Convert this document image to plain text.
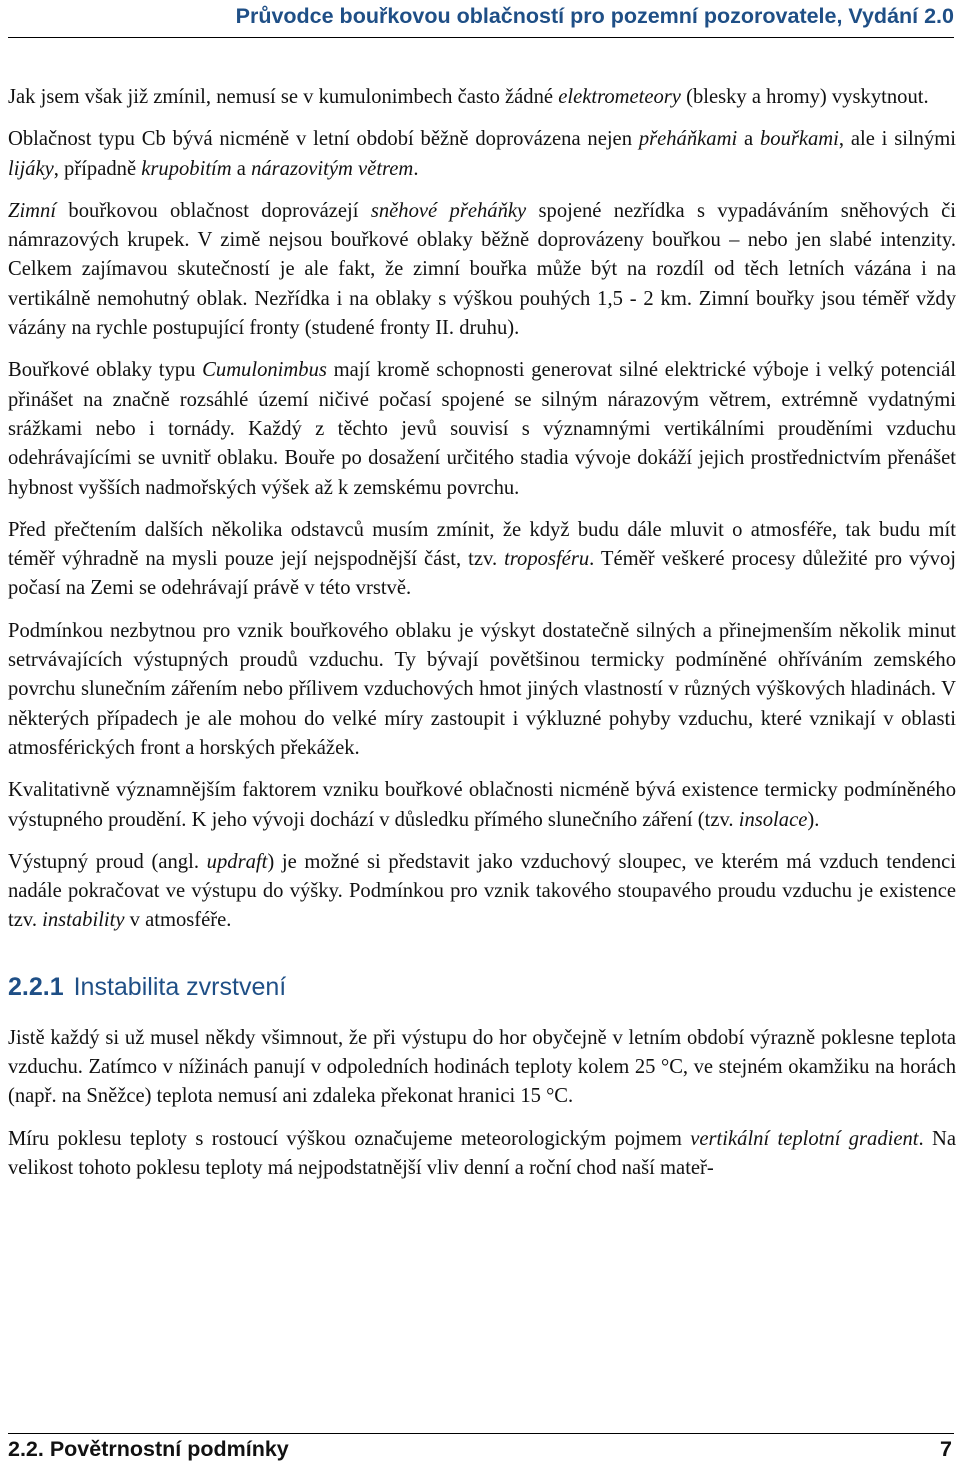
Průvodce bouřkovou oblačností pro pozemní pozorovatele, Vydání 2.0

Jak jsem však již zmínil, nemusí se v kumulonimbech často žádné elektrometeory (blesky a hromy) vyskytnout.

Oblačnost typu Cb bývá nicméně v letní období běžně doprovázena nejen přeháňkami a bouřkami, ale i silnými lijáky, případně krupobitím a nárazovitým větrem.

Zimní bouřkovou oblačnost doprovázejí sněhové přeháňky spojené nezřídka s vypadáváním sněhových či námrazových krupek. V zimě nejsou bouřkové oblaky běžně doprovázeny bouřkou – nebo jen slabé intenzity. Celkem zajímavou skutečností je ale fakt, že zimní bouřka může být na rozdíl od těch letních vázána i na vertikálně nemohutný oblak. Nezřídka i na oblaky s výškou pouhých 1,5 - 2 km. Zimní bouřky jsou téměř vždy vázány na rychle postupující fronty (studené fronty II. druhu).

Bouřkové oblaky typu Cumulonimbus mají kromě schopnosti generovat silné elektrické výboje i velký potenciál přinášet na značně rozsáhlé území ničivé počasí spojené se silným nárazovým větrem, extrémně vydatnými srážkami nebo i tornády. Každý z těchto jevů souvisí s významnými vertikálními prouděními vzduchu odehrávajícími se uvnitř oblaku. Bouře po dosažení určitého stadia vývoje dokáží jejich prostřednictvím přenášet hybnost vyšších nadmořských výšek až k zemskému povrchu.

Před přečtením dalších několika odstavců musím zmínit, že když budu dále mluvit o atmosféře, tak budu mít téměř výhradně na mysli pouze její nejspodnější část, tzv. troposféru. Téměř veškeré procesy důležité pro vývoj počasí na Zemi se odehrávají právě v této vrstvě.

Podmínkou nezbytnou pro vznik bouřkového oblaku je výskyt dostatečně silných a přinejmenším několik minut setrvávajících výstupných proudů vzduchu. Ty bývají povětšinou termicky podmíněné ohříváním zemského povrchu slunečním zářením nebo přílivem vzduchových hmot jiných vlastností v různých výškových hladinách. V některých případech je ale mohou do velké míry zastoupit i výkluzné pohyby vzduchu, které vznikají v oblasti atmosférických front a horských překážek.

Kvalitativně významnějším faktorem vzniku bouřkové oblačnosti nicméně bývá existence termicky podmíněného výstupného proudění. K jeho vývoji dochází v důsledku přímého slunečního záření (tzv. insolace).

Výstupný proud (angl. updraft) je možné si představit jako vzduchový sloupec, ve kterém má vzduch tendenci nadále pokračovat ve výstupu do výšky. Podmínkou pro vznik takového stoupavého proudu vzduchu je existence tzv. instability v atmosféře.

2.2.1 Instabilita zvrstvení

Jistě každý si už musel někdy všimnout, že při výstupu do hor obyčejně v letním období výrazně poklesne teplota vzduchu. Zatímco v nížinách panují v odpoledních hodinách teploty kolem 25 °C, ve stejném okamžiku na horách (např. na Sněžce) teplota nemusí ani zdaleka překonat hranici 15 °C.

Míru poklesu teploty s rostoucí výškou označujeme meteorologickým pojmem vertikální teplotní gradient. Na velikost tohoto poklesu teploty má nejpodstatnější vliv denní a roční chod naší mateř-

2.2. Povětrnostní podmínky	7
